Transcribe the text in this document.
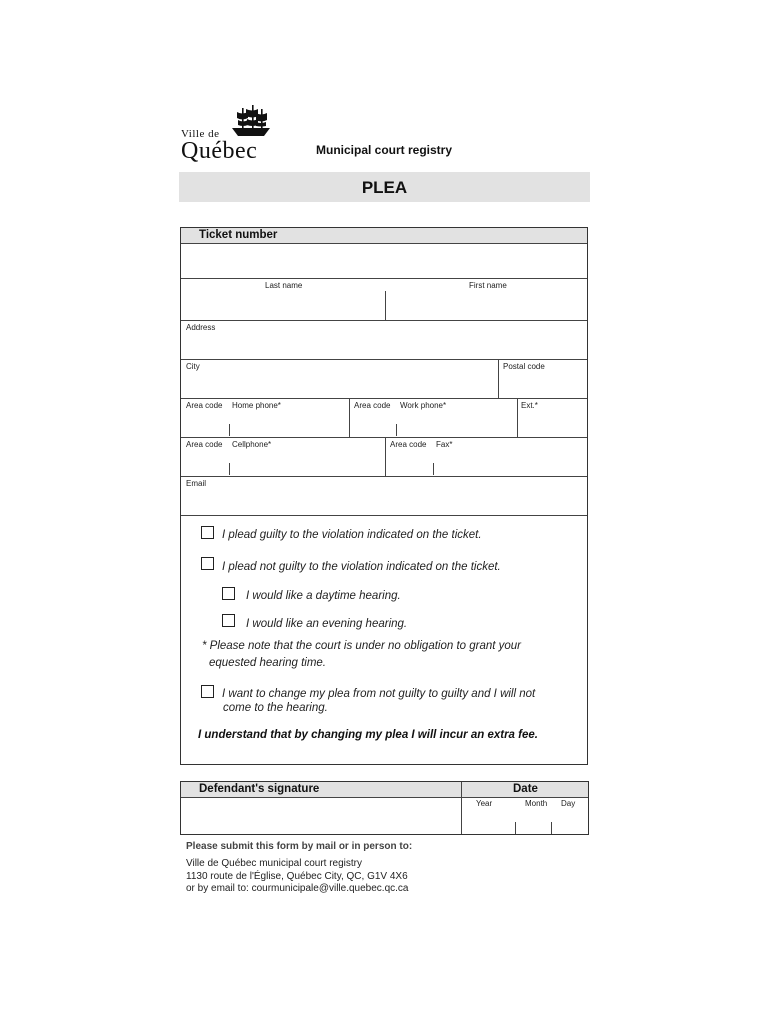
Ville de
Québec	Municipal court registry
PLEA
Ticket number
Last name	First name
Address
City	Postal code
Area code Home phone*	Area code Work phone*	Ext.*
Area code Cellphone*	Area code Fax*
Email
I plead guilty to the violation indicated on the ticket.
I plead not guilty to the violation indicated on the ticket.
I would like a daytime hearing.
I would like an evening hearing.
* Please note that the court is under no obligation to grant your
equested hearing time.
I want to change my plea from not guilty to guilty and I will not
come to the hearing.
I understand that by changing my plea I will incur an extra fee.
Defendant's signature	Date
Year	Month Day
Please submit this form by mail or in person to:
Ville de Québec municipal court registry
1130 route de l'Église, Québec City, QC, G1V 4X6
or by email to: courmunicipale@ville.quebec.qc.ca
